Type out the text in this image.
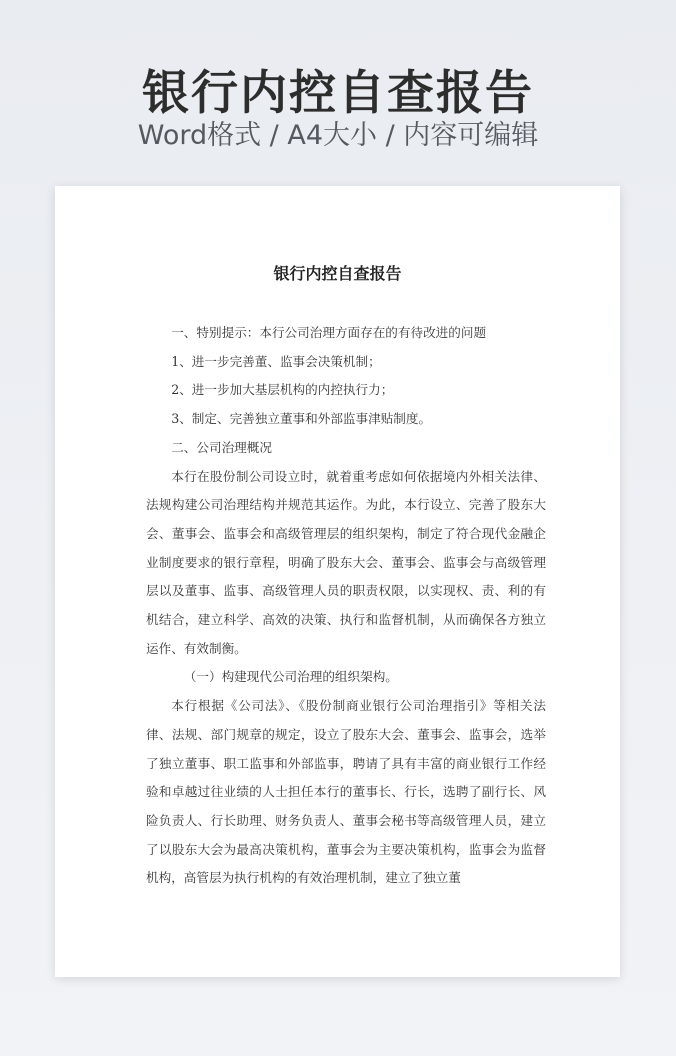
银行内控自查报告

Word格式 / A4大小 / 内容可编辑

银行内控自查报告

一、特别提示：本行公司治理方面存在的有待改进的问题

1、进一步完善董、监事会决策机制；

2、进一步加大基层机构的内控执行力；

3、制定、完善独立董事和外部监事津贴制度。

二、公司治理概况

本行在股份制公司设立时，就着重考虑如何依据境内外相关法律、法规构建公司治理结构并规范其运作。为此，本行设立、完善了股东大会、董事会、监事会和高级管理层的组织架构，制定了符合现代金融企业制度要求的银行章程，明确了股东大会、董事会、监事会与高级管理层以及董事、监事、高级管理人员的职责权限，以实现权、责、利的有机结合，建立科学、高效的决策、执行和监督机制，从而确保各方独立运作、有效制衡。

（一）构建现代公司治理的组织架构。

本行根据《公司法》、《股份制商业银行公司治理指引》等相关法律、法规、部门规章的规定，设立了股东大会、董事会、监事会，选举了独立董事、职工监事和外部监事，聘请了具有丰富的商业银行工作经验和卓越过往业绩的人士担任本行的董事长、行长，选聘了副行长、风险负责人、行长助理、财务负责人、董事会秘书等高级管理人员，建立了以股东大会为最高决策机构，董事会为主要决策机构，监事会为监督机构，高管层为执行机构的有效治理机制，建立了独立董
